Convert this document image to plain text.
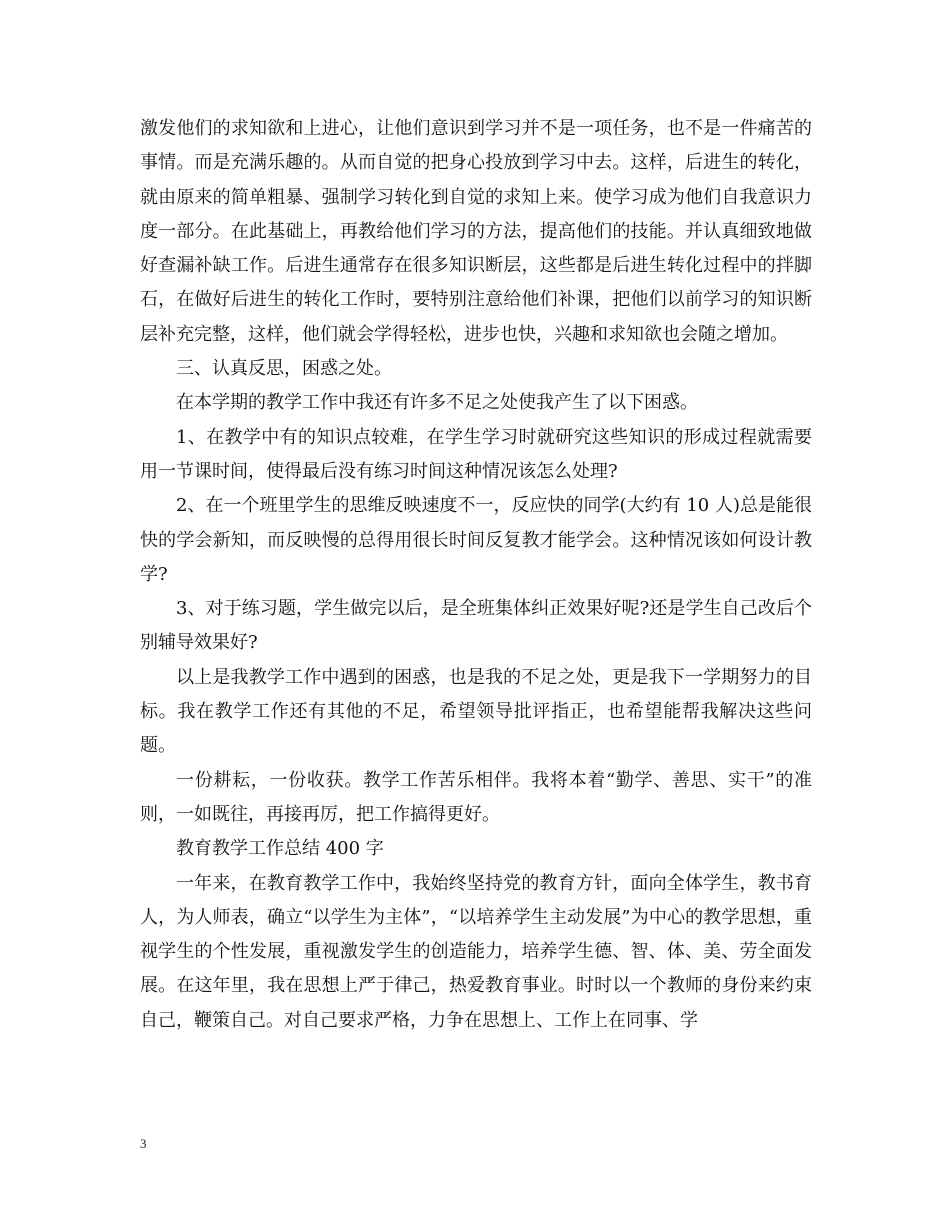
激发他们的求知欲和上进心，让他们意识到学习并不是一项任务，也不是一件痛苦的事情。而是充满乐趣的。从而自觉的把身心投放到学习中去。这样，后进生的转化，就由原来的简单粗暴、强制学习转化到自觉的求知上来。使学习成为他们自我意识力度一部分。在此基础上，再教给他们学习的方法，提高他们的技能。并认真细致地做好查漏补缺工作。后进生通常存在很多知识断层，这些都是后进生转化过程中的拌脚石，在做好后进生的转化工作时，要特别注意给他们补课，把他们以前学习的知识断层补充完整，这样，他们就会学得轻松，进步也快，兴趣和求知欲也会随之增加。

三、认真反思，困惑之处。

在本学期的教学工作中我还有许多不足之处使我产生了以下困惑。

1、在教学中有的知识点较难，在学生学习时就研究这些知识的形成过程就需要用一节课时间，使得最后没有练习时间这种情况该怎么处理?

2、在一个班里学生的思维反映速度不一，反应快的同学(大约有 10 人)总是能很快的学会新知，而反映慢的总得用很长时间反复教才能学会。这种情况该如何设计教学?

3、对于练习题，学生做完以后，是全班集体纠正效果好呢?还是学生自己改后个别辅导效果好?

以上是我教学工作中遇到的困惑，也是我的不足之处，更是我下一学期努力的目标。我在教学工作还有其他的不足，希望领导批评指正，也希望能帮我解决这些问题。

一份耕耘，一份收获。教学工作苦乐相伴。我将本着“勤学、善思、实干”的准则，一如既往，再接再厉，把工作搞得更好。

教育教学工作总结 400 字

一年来，在教育教学工作中，我始终坚持党的教育方针，面向全体学生，教书育人，为人师表，确立“以学生为主体”，“以培养学生主动发展”为中心的教学思想，重视学生的个性发展，重视激发学生的创造能力，培养学生德、智、体、美、劳全面发展。在这年里，我在思想上严于律己，热爱教育事业。时时以一个教师的身份来约束自己，鞭策自己。对自己要求严格，力争在思想上、工作上在同事、学

3
